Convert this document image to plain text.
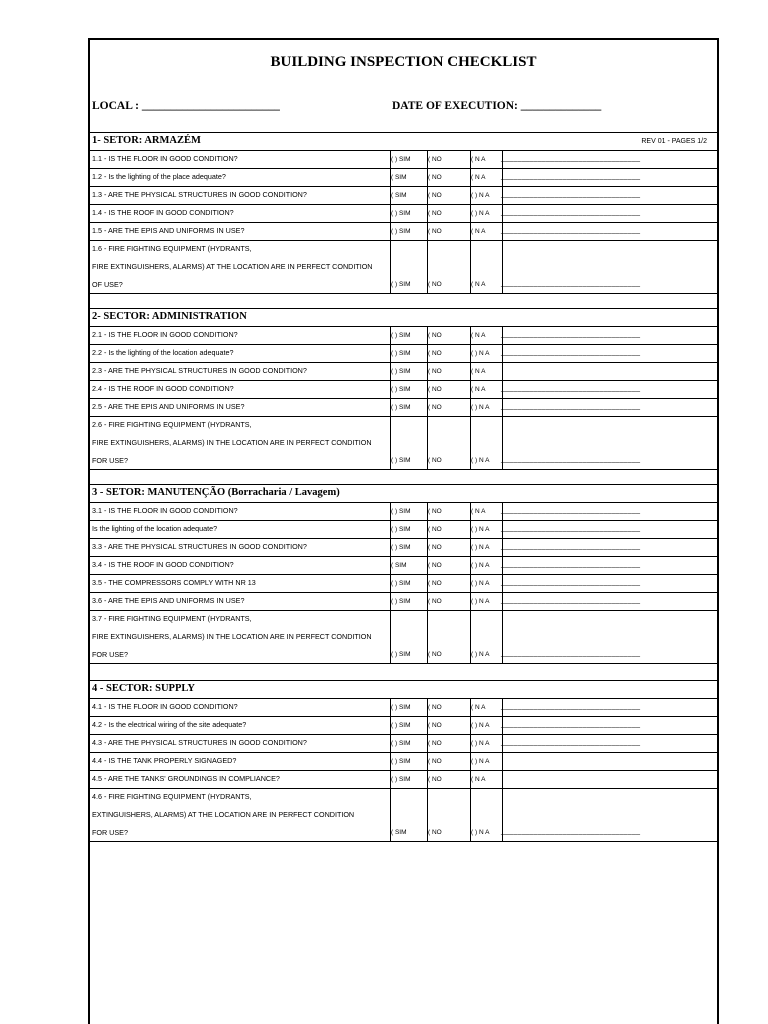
BUILDING INSPECTION CHECKLIST
LOCAL : ________________________	DATE OF EXECUTION: ______________
1- SETOR: ARMAZÉM	REV 01 - PAGES 1/2
1.1 - IS THE FLOOR IN GOOD CONDITION?	( ) SIM	( NO	( N A __________________________________
1.2 - Is the lighting of the place adequate?	( SIM	( NO	( N A __________________________________
1.3 - ARE THE PHYSICAL STRUCTURES IN GOOD CONDITION?	( SIM	( NO	( ) N A __________________________________
1.4 - IS THE ROOF IN GOOD CONDITION?	( ) SIM	( NO	( ) N A __________________________________
1.5 - ARE THE EPIS AND UNIFORMS IN USE?	( ) SIM	( NO	( N A __________________________________
1.6 - FIRE FIGHTING EQUIPMENT (HYDRANTS,
FIRE EXTINGUISHERS, ALARMS) AT THE LOCATION ARE IN PERFECT CONDITION
OF USE?	( ) SIM	( NO	( N A __________________________________
2- SECTOR: ADMINISTRATION
2.1 - IS THE FLOOR IN GOOD CONDITION?	( ) SIM	( NO	( N A __________________________________
2.2 - Is the lighting of the location adequate?	( ) SIM	( NO	( ) N A __________________________________
2.3 - ARE THE PHYSICAL STRUCTURES IN GOOD CONDITION?	( ) SIM	( NO	( N A
2.4 - IS THE ROOF IN GOOD CONDITION?	( ) SIM	( NO	( N A __________________________________
2.5 - ARE THE EPIS AND UNIFORMS IN USE?	( ) SIM	( NO	( ) N A __________________________________
2.6 - FIRE FIGHTING EQUIPMENT (HYDRANTS,
FIRE EXTINGUISHERS, ALARMS) IN THE LOCATION ARE IN PERFECT CONDITION
FOR USE?	( ) SIM	( NO	( ) N A __________________________________
3 - SETOR: MANUTENÇÃO (Borracharia / Lavagem)
3.1 - IS THE FLOOR IN GOOD CONDITION?	( ) SIM	( NO	( N A __________________________________
Is the lighting of the location adequate?	( ) SIM	( NO	( ) N A __________________________________
3.3 - ARE THE PHYSICAL STRUCTURES IN GOOD CONDITION?	( ) SIM	( NO	( ) N A __________________________________
3.4 - IS THE ROOF IN GOOD CONDITION?	( SIM	( NO	( ) N A __________________________________
3.5 - THE COMPRESSORS COMPLY WITH NR 13	( ) SIM	( NO	( ) N A __________________________________
3.6 - ARE THE EPIS AND UNIFORMS IN USE?	( ) SIM	( NO	( ) N A __________________________________
3.7 - FIRE FIGHTING EQUIPMENT (HYDRANTS,
FIRE EXTINGUISHERS, ALARMS) IN THE LOCATION ARE IN PERFECT CONDITION
FOR USE?	( ) SIM	( NO	( ) N A __________________________________
4 - SECTOR: SUPPLY
4.1 - IS THE FLOOR IN GOOD CONDITION?	( ) SIM	( NO	( N A __________________________________
4.2 - Is the electrical wiring of the site adequate?	( ) SIM	( NO	( ) N A __________________________________
4.3 - ARE THE PHYSICAL STRUCTURES IN GOOD CONDITION?	( ) SIM	( NO	( ) N A __________________________________
4.4 - IS THE TANK PROPERLY SIGNAGED?	( ) SIM	( NO	( ) N A
4.5 - ARE THE TANKS' GROUNDINGS IN COMPLIANCE?	( ) SIM	( NO	( N A
4.6 - FIRE FIGHTING EQUIPMENT (HYDRANTS,
EXTINGUISHERS, ALARMS) AT THE LOCATION ARE IN PERFECT CONDITION
FOR USE?	( SIM	( NO	( ) N A __________________________________
